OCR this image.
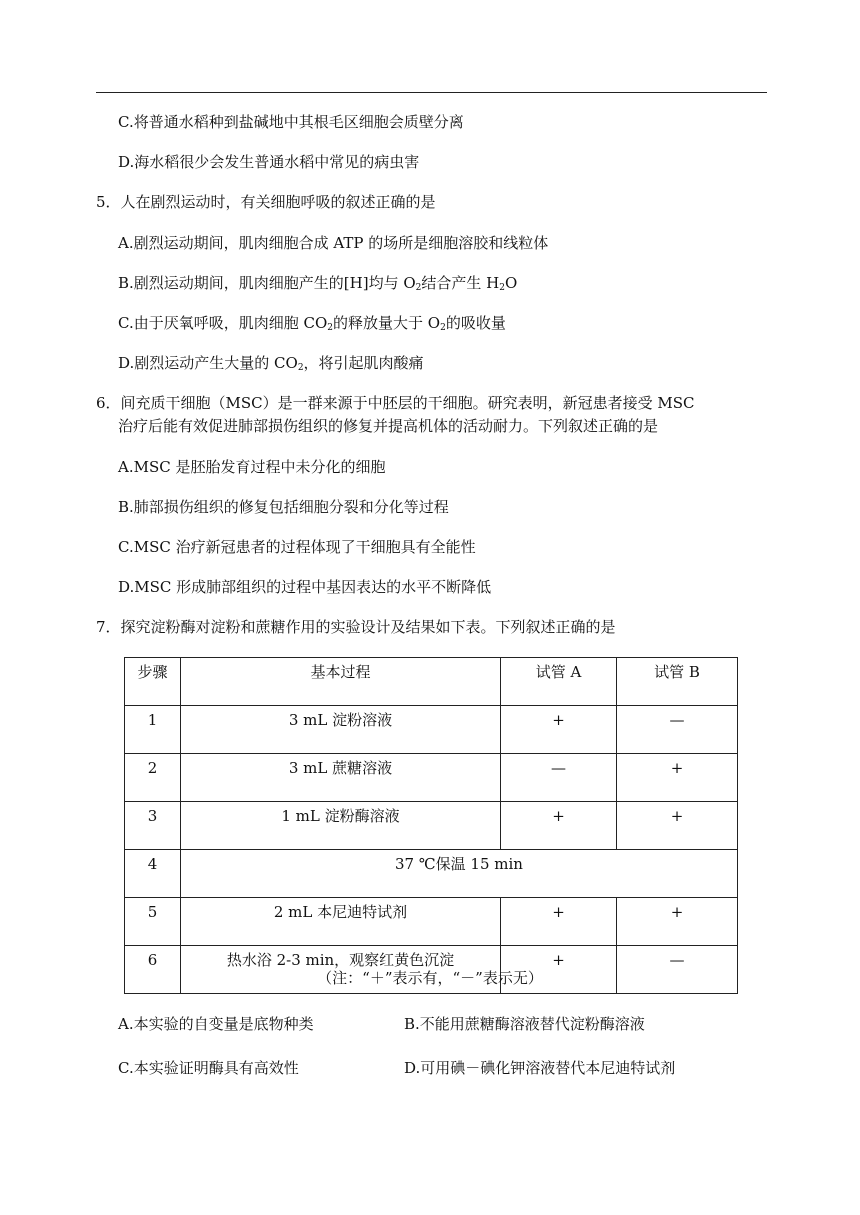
C.将普通水稻种到盐碱地中其根毛区细胞会质壁分离
D.海水稻很少会发生普通水稻中常见的病虫害
5．人在剧烈运动时，有关细胞呼吸的叙述正确的是
A.剧烈运动期间，肌肉细胞合成 ATP 的场所是细胞溶胶和线粒体
B.剧烈运动期间，肌肉细胞产生的[H]均与 $O_2$结合产生 $H_2O$
C.由于厌氧呼吸，肌肉细胞 $CO_2$的释放量大于 $O_2$的吸收量
D.剧烈运动产生大量的 $CO_2$，将引起肌肉酸痛
6．间充质干细胞（MSC）是一群来源于中胚层的干细胞。研究表明，新冠患者接受 MSC
治疗后能有效促进肺部损伤组织的修复并提高机体的活动耐力。下列叙述正确的是
A.MSC 是胚胎发育过程中未分化的细胞
B.肺部损伤组织的修复包括细胞分裂和分化等过程
C.MSC 治疗新冠患者的过程体现了干细胞具有全能性
D.MSC 形成肺部组织的过程中基因表达的水平不断降低
7．探究淀粉酶对淀粉和蔗糖作用的实验设计及结果如下表。下列叙述正确的是
步骤	基本过程	试管 A	试管 B
1	3 mL 淀粉溶液	+	—
2	3 mL 蔗糖溶液	—	+
3	1 mL 淀粉酶溶液	+	+
4	37 ℃保温 15 min		
5	2 mL 本尼迪特试剂	+	+
6	热水浴 2-3 min，观察红黄色沉淀	+	—
（注：“＋”表示有，“－”表示无）
A.本实验的自变量是底物种类	B.不能用蔗糖酶溶液替代淀粉酶溶液
C.本实验证明酶具有高效性	D.可用碘－碘化钾溶液替代本尼迪特试剂
